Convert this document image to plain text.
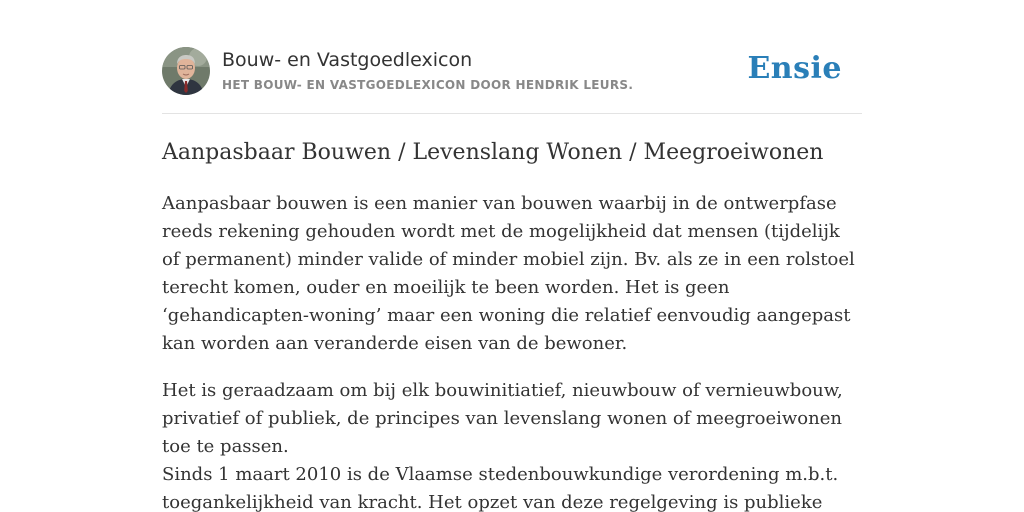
Bouw- en Vastgoedlexicon
HET BOUW- EN VASTGOEDLEXICON DOOR HENDRIK LEURS.	Ensie
Aanpasbaar Bouwen / Levenslang Wonen / Meegroeiwonen

Aanpasbaar bouwen is een manier van bouwen waarbij in de ontwerpfase reeds rekening gehouden wordt met de mogelijkheid dat mensen (tijdelijk of permanent) minder valide of minder mobiel zijn. Bv. als ze in een rolstoel terecht komen, ouder en moeilijk te been worden. Het is geen ‘gehandicapten-woning’ maar een woning die relatief eenvoudig aangepast kan worden aan veranderde eisen van de bewoner.

Het is geraadzaam om bij elk bouwinitiatief, nieuwbouw of vernieuwbouw, privatief of publiek, de principes van levenslang wonen of meegroeiwonen toe te passen.

Sinds 1 maart 2010 is de Vlaamse stedenbouwkundige verordening m.b.t. toegankelijkheid van kracht. Het opzet van deze regelgeving is publieke
